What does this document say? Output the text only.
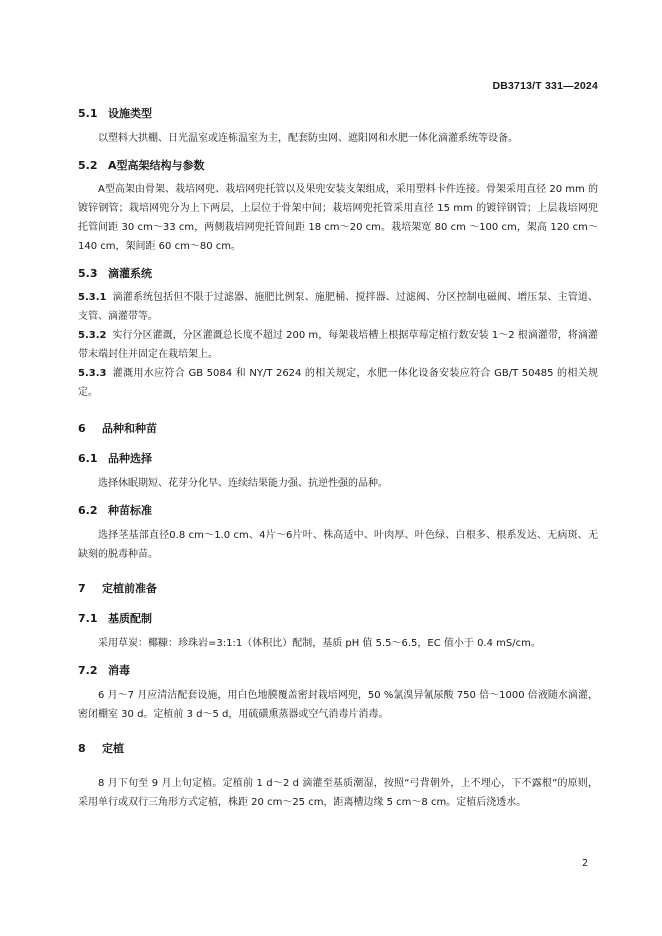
DB3713/T 331—2024
5.1 设施类型
以塑料大拱棚、日光温室或连栋温室为主，配套防虫网、遮阳网和水肥一体化滴灌系统等设备。
5.2 A型高架结构与参数
A型高架由骨架、栽培网兜、栽培网兜托管以及果兜安装支架组成，采用塑料卡件连接。骨架采用直径 20 mm 的镀锌钢管；栽培网兜分为上下两层，上层位于骨架中间；栽培网兜托管采用直径 15 mm 的镀锌钢管；上层栽培网兜托管间距 30 cm～33 cm，两侧栽培网兜托管间距 18 cm～20 cm。栽培架宽 80 cm ～100 cm，架高 120 cm～140 cm，架间距 60 cm～80 cm。
5.3 滴灌系统
5.3.1 滴灌系统包括但不限于过滤器、施肥比例泵、施肥桶、搅拌器、过滤阀、分区控制电磁阀、增压泵、主管道、支管、滴灌带等。
5.3.2 实行分区灌溉，分区灌溉总长度不超过 200 m，每架栽培槽上根据草莓定植行数安装 1～2 根滴灌带，将滴灌带末端封住并固定在栽培架上。
5.3.3 灌溉用水应符合 GB 5084 和 NY/T 2624 的相关规定，水肥一体化设备安装应符合 GB/T 50485 的相关规定。
6 品种和种苗
6.1 品种选择
选择休眠期短、花芽分化早、连续结果能力强、抗逆性强的品种。
6.2 种苗标准
选择茎基部直径0.8 cm～1.0 cm、4片～6片叶、株高适中、叶肉厚、叶色绿、白根多、根系发达、无病斑、无缺刻的脱毒种苗。
7 定植前准备
7.1 基质配制
采用草炭：椰糠：珍珠岩=3:1:1（体积比）配制，基质 pH 值 5.5～6.5，EC 值小于 0.4 mS/cm。
7.2 消毒
6 月～7 月应清洁配套设施，用白色地膜覆盖密封栽培网兜，50 %氯溴异氰尿酸 750 倍～1000 倍液随水滴灌，密闭棚室 30 d。定植前 3 d～5 d，用硫磺熏蒸器或空气消毒片消毒。
8 定植
8 月下旬至 9 月上旬定植。定植前 1 d～2 d 滴灌至基质潮湿，按照“弓背朝外，上不埋心，下不露根”的原则，采用单行或双行三角形方式定植，株距 20 cm～25 cm，距离槽边缘 5 cm～8 cm。定植后浇透水。
2
